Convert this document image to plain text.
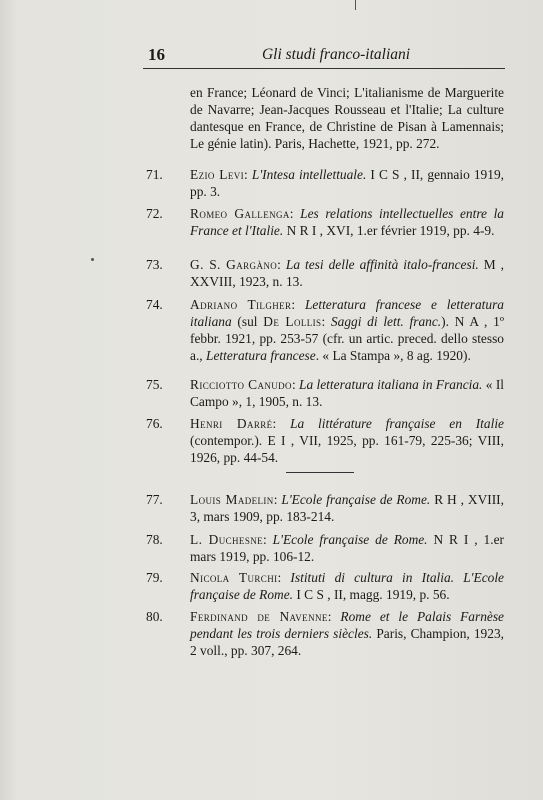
16	Gli studi franco-italiani
en France; Léonard de Vinci; L'italianisme de Marguerite de Navarre; Jean-Jacques Rousseau et l'Italie; La culture dantesque en France, de Christine de Pisan à Lamennais; Le génie latin). Paris, Hachette, 1921, pp. 272.
71.	Ezio Levi: L'Intesa intellettuale. I C S , II, gennaio 1919, pp. 3.
72.	Romeo Gallenga: Les relations intellectuelles entre la France et l'Italie. N R I , XVI, 1.er février 1919, pp. 4-9.
73.	G. S. Gargàno: La tesi delle affinità italo-francesi. M , XXVIII, 1923, n. 13.
74.	Adriano Tilgher: Letteratura francese e letteratura italiana (sul De Lollis: Saggi di lett. franc.). N A , 1º febbr. 1921, pp. 253-57 (cfr. un artic. preced. dello stesso a., Letteratura francese. « La Stampa », 8 ag. 1920).
75.	Ricciotto Canudo: La letteratura italiana in Francia. « Il Campo », 1, 1905, n. 13.
76.	Henri Darré: La littérature française en Italie (contempor.). E I , VII, 1925, pp. 161-79, 225-36; VIII, 1926, pp. 44-54.
77.	Louis Madelin: L'Ecole française de Rome. R H , XVIII, 3, mars 1909, pp. 183-214.
78.	L. Duchesne: L'Ecole française de Rome. N R I , 1.er mars 1919, pp. 106-12.
79.	Nicola Turchi: Istituti di cultura in Italia. L'Ecole française de Rome. I C S , II, magg. 1919, p. 56.
80.	Ferdinand de Navenne: Rome et le Palais Farnèse pendant les trois derniers siècles. Paris, Champion, 1923, 2 voll., pp. 307, 264.
